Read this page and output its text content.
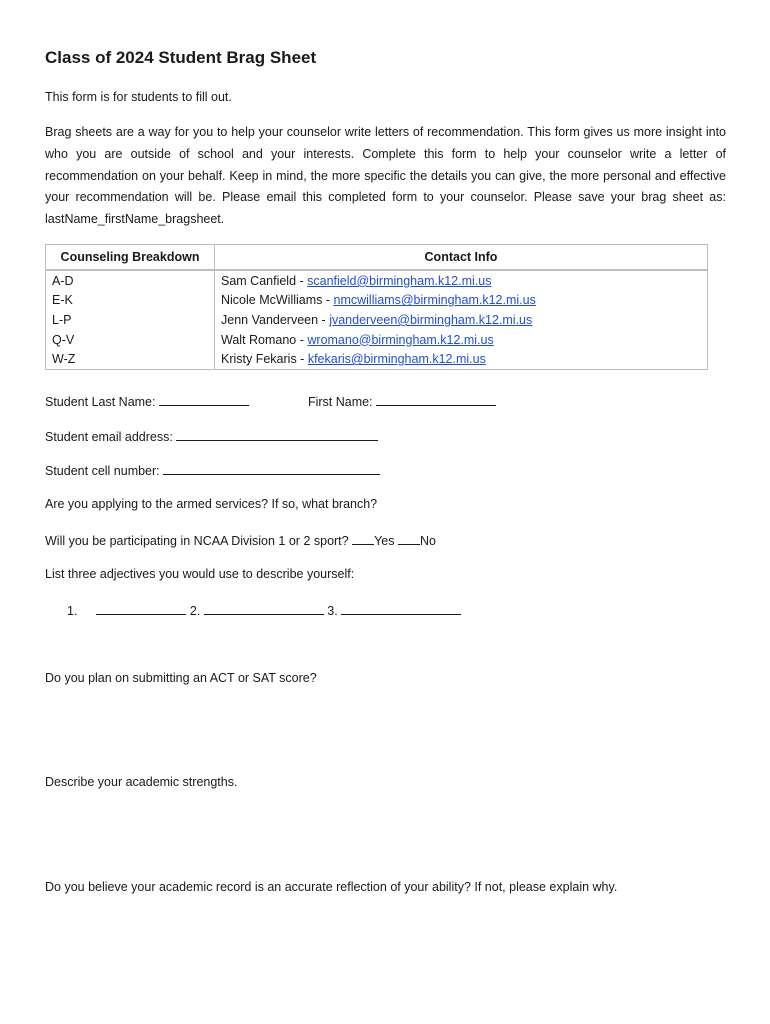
Class of 2024 Student Brag Sheet
This form is for students to fill out.

Brag sheets are a way for you to help your counselor write letters of recommendation. This form gives us more insight into who you are outside of school and your interests. Complete this form to help your counselor write a letter of recommendation on your behalf. Keep in mind, the more specific the details you can give, the more personal and effective your recommendation will be. Please email this completed form to your counselor. Please save your brag sheet as: lastName_firstName_bragsheet.

Counseling Breakdown	Contact Info
A-D	Sam Canfield - scanfield@birmingham.k12.mi.us
E-K	Nicole McWilliams - nmcwilliams@birmingham.k12.mi.us
L-P	Jenn Vanderveen - jvanderveen@birmingham.k12.mi.us
Q-V	Walt Romano - wromano@birmingham.k12.mi.us
W-Z	Kristy Fekaris - kfekaris@birmingham.k12.mi.us
Student Last Name:	First Name:
Student email address:
Student cell number:
Are you applying to the armed services? If so, what branch?
Will you be participating in NCAA Division 1 or 2 sport? Yes No
List three adjectives you would use to describe yourself:
1.	2.	3.
Do you plan on submitting an ACT or SAT score?
Describe your academic strengths.
Do you believe your academic record is an accurate reflection of your ability? If not, please explain why.
